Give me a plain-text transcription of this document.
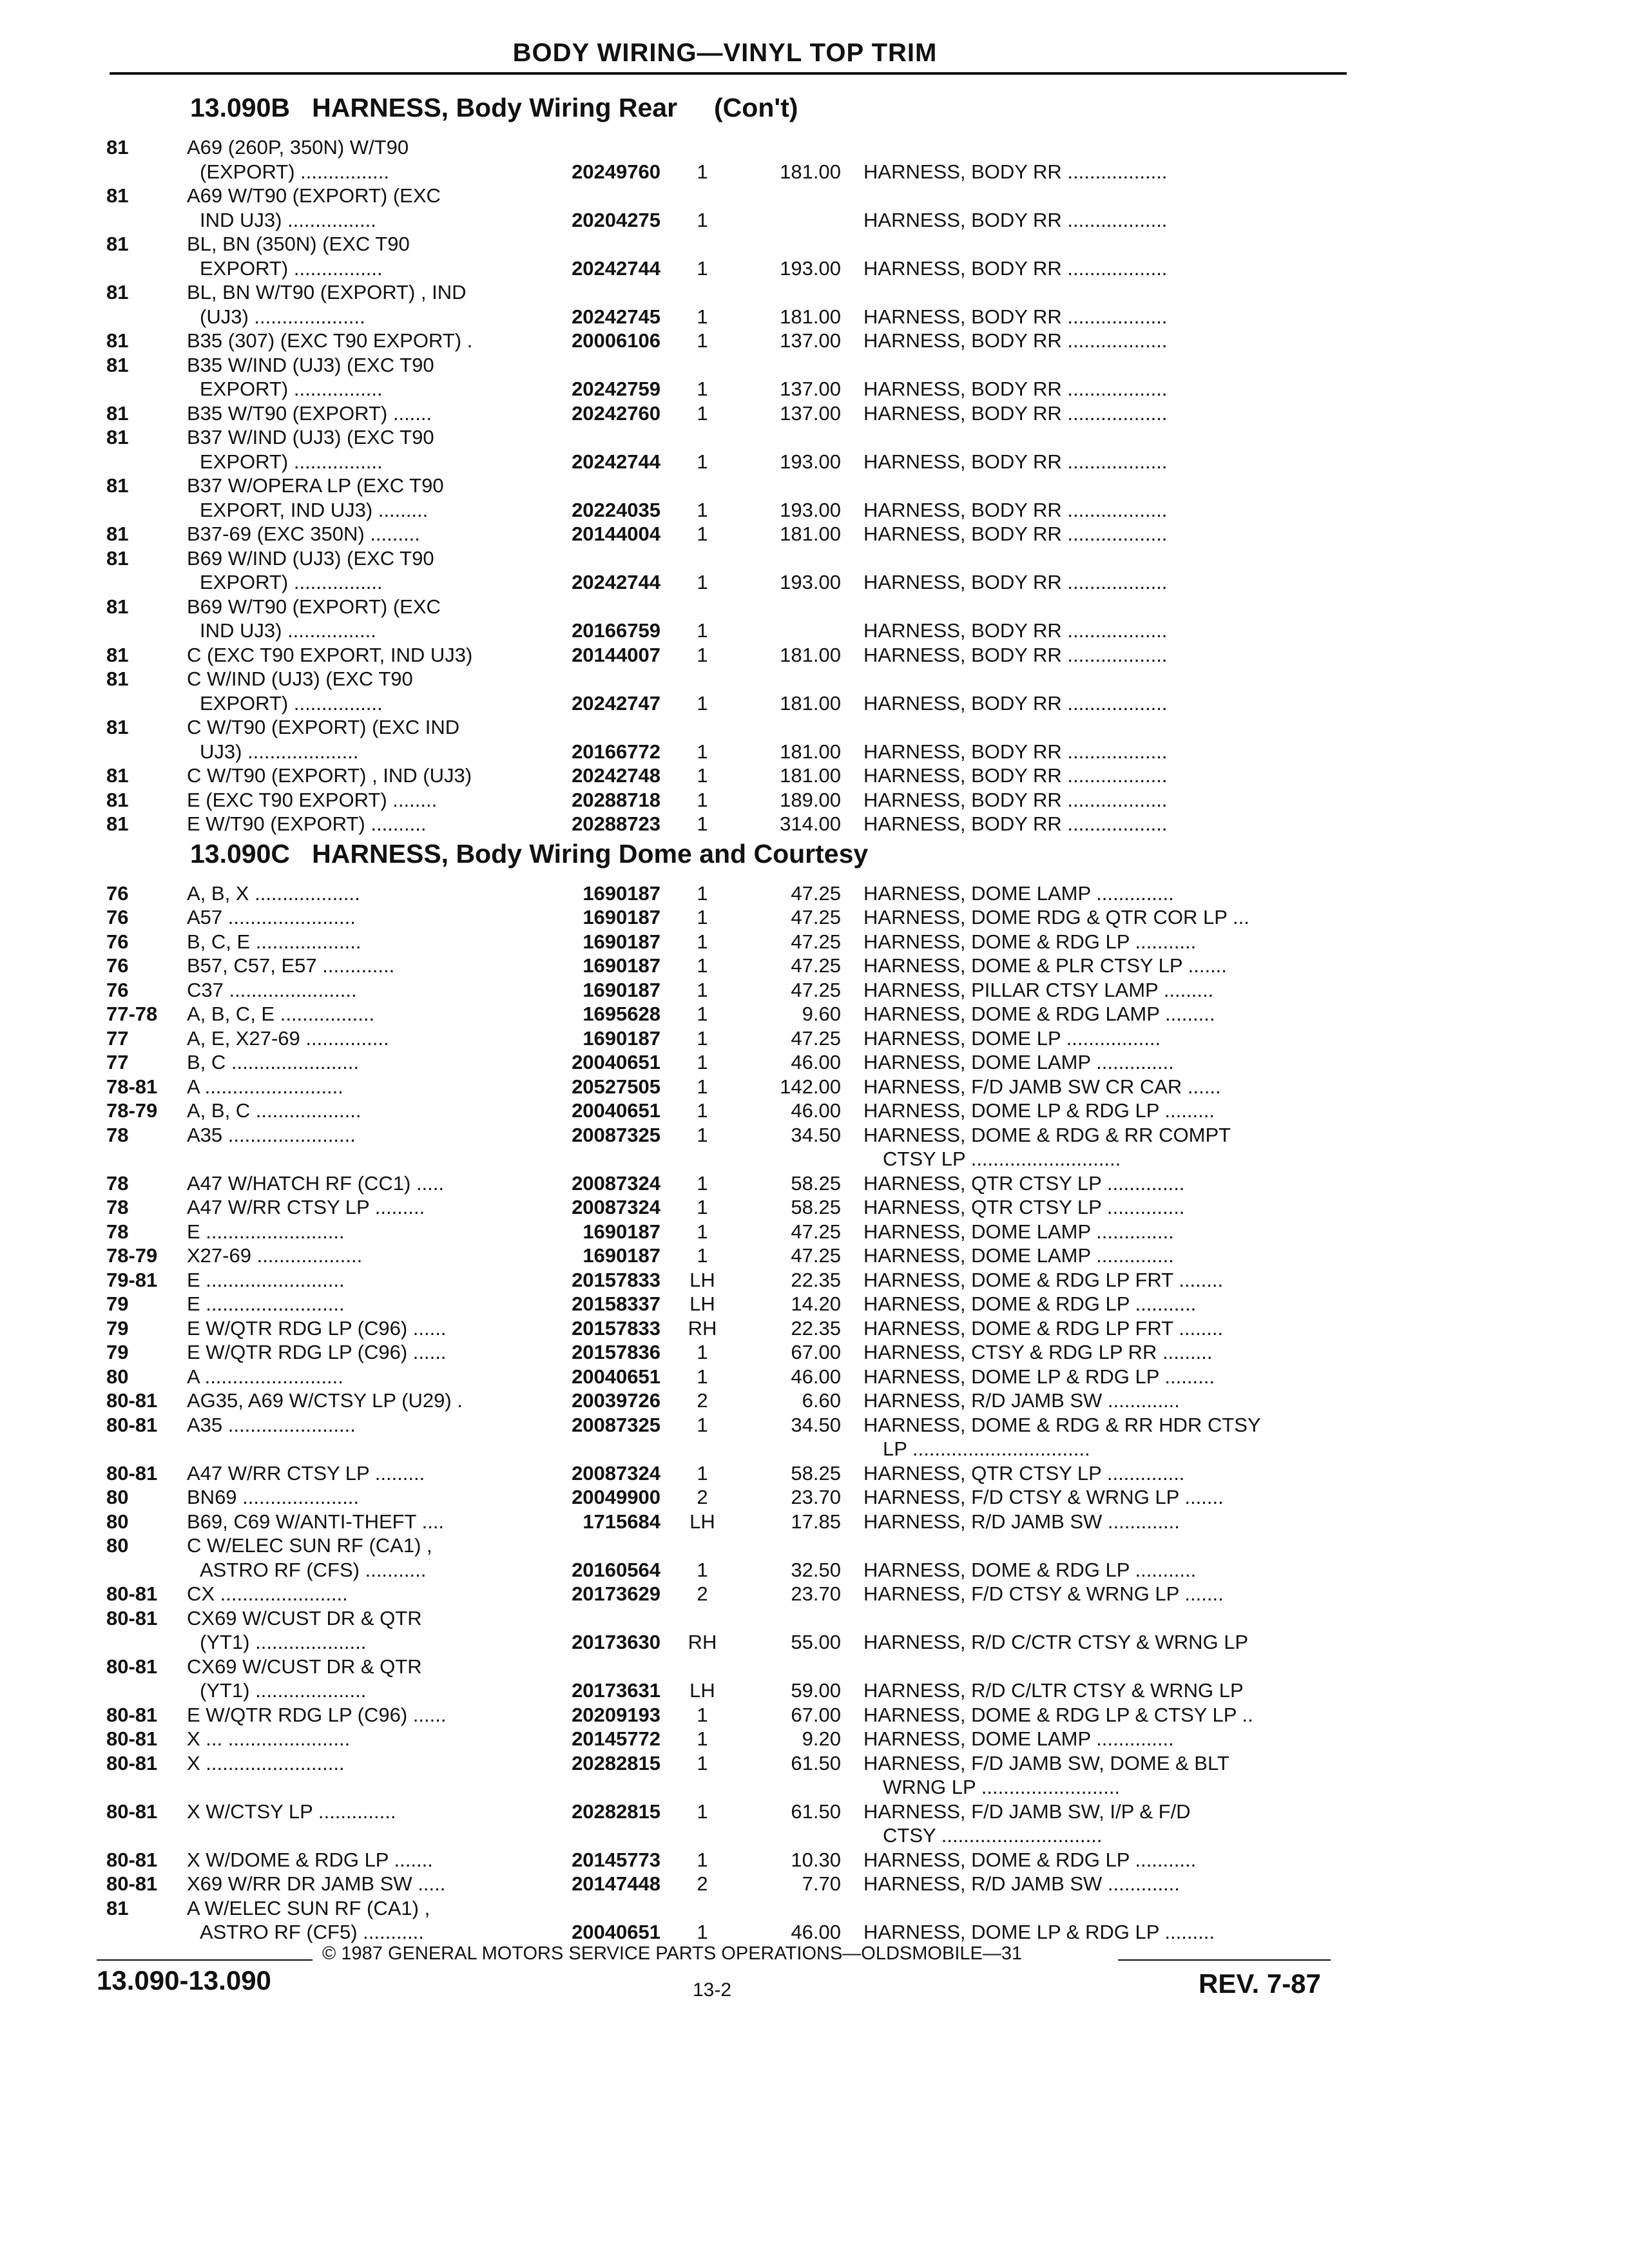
BODY WIRING—VINYL TOP TRIM
13.090B   HARNESS, Body Wiring Rear     (Con't)
81	A69 (260P, 350N) W/T90
(EXPORT) ................	20249760	1	181.00 HARNESS, BODY RR ..................
81	A69 W/T90 (EXPORT) (EXC
IND UJ3) ................	20204275	1	HARNESS, BODY RR ..................
81	BL, BN (350N) (EXC T90
EXPORT) ................	20242744	1	193.00 HARNESS, BODY RR ..................
81	BL, BN W/T90 (EXPORT) , IND
(UJ3) ....................	20242745	1	181.00 HARNESS, BODY RR ..................
81	B35 (307) (EXC T90 EXPORT) .	20006106	1	137.00 HARNESS, BODY RR ..................
81	B35 W/IND (UJ3) (EXC T90
EXPORT) ................	20242759	1	137.00 HARNESS, BODY RR ..................
81	B35 W/T90 (EXPORT) .......	20242760	1	137.00 HARNESS, BODY RR ..................
81	B37 W/IND (UJ3) (EXC T90
EXPORT) ................	20242744	1	193.00 HARNESS, BODY RR ..................
81	B37 W/OPERA LP (EXC T90
EXPORT, IND UJ3) .........	20224035	1	193.00 HARNESS, BODY RR ..................
81	B37-69 (EXC 350N) .........	20144004	1	181.00 HARNESS, BODY RR ..................
81	B69 W/IND (UJ3) (EXC T90
EXPORT) ................	20242744	1	193.00 HARNESS, BODY RR ..................
81	B69 W/T90 (EXPORT) (EXC
IND UJ3) ................	20166759	1	HARNESS, BODY RR ..................
81	C (EXC T90 EXPORT, IND UJ3)	20144007	1	181.00 HARNESS, BODY RR ..................
81	C W/IND (UJ3) (EXC T90
EXPORT) ................	20242747	1	181.00 HARNESS, BODY RR ..................
81	C W/T90 (EXPORT) (EXC IND
UJ3) ....................	20166772	1	181.00 HARNESS, BODY RR ..................
81	C W/T90 (EXPORT) , IND (UJ3)	20242748	1	181.00 HARNESS, BODY RR ..................
81	E (EXC T90 EXPORT) ........	20288718	1	189.00 HARNESS, BODY RR ..................
81	E W/T90 (EXPORT) ..........	20288723	1	314.00 HARNESS, BODY RR ..................
13.090C   HARNESS, Body Wiring Dome and Courtesy
76	A, B, X ...................	1690187	1	47.25 HARNESS, DOME LAMP ..............
76	A57 .......................	1690187	1	47.25 HARNESS, DOME RDG & QTR COR LP ...
76	B, C, E ...................	1690187	1	47.25 HARNESS, DOME & RDG LP ...........
76	B57, C57, E57 .............	1690187	1	47.25 HARNESS, DOME & PLR CTSY LP .......
76	C37 .......................	1690187	1	47.25 HARNESS, PILLAR CTSY LAMP .........
77-78	A, B, C, E .................	1695628	1	9.60 HARNESS, DOME & RDG LAMP .........
77	A, E, X27-69 ...............	1690187	1	47.25 HARNESS, DOME LP .................
77	B, C .......................	20040651	1	46.00 HARNESS, DOME LAMP ..............
78-81	A .........................	20527505	1	142.00 HARNESS, F/D JAMB SW CR CAR ......
78-79	A, B, C ...................	20040651	1	46.00 HARNESS, DOME LP & RDG LP .........
78	A35 .......................	20087325	1	34.50 HARNESS, DOME & RDG & RR COMPT
CTSY LP ...........................
78	A47 W/HATCH RF (CC1) .....	20087324	1	58.25 HARNESS, QTR CTSY LP ..............
78	A47 W/RR CTSY LP .........	20087324	1	58.25 HARNESS, QTR CTSY LP ..............
78	E .........................	1690187	1	47.25 HARNESS, DOME LAMP ..............
78-79	X27-69 ...................	1690187	1	47.25 HARNESS, DOME LAMP ..............
79-81	E .........................	20157833	LH	22.35 HARNESS, DOME & RDG LP FRT ........
79	E .........................	20158337	LH	14.20 HARNESS, DOME & RDG LP ...........
79	E W/QTR RDG LP (C96) ......	20157833	RH	22.35 HARNESS, DOME & RDG LP FRT ........
79	E W/QTR RDG LP (C96) ......	20157836	1	67.00 HARNESS, CTSY & RDG LP RR .........
80	A .........................	20040651	1	46.00 HARNESS, DOME LP & RDG LP .........
80-81	AG35, A69 W/CTSY LP (U29) .	20039726	2	6.60 HARNESS, R/D JAMB SW .............
80-81	A35 .......................	20087325	1	34.50 HARNESS, DOME & RDG & RR HDR CTSY
LP ................................
80-81	A47 W/RR CTSY LP .........	20087324	1	58.25 HARNESS, QTR CTSY LP ..............
80	BN69 .....................	20049900	2	23.70 HARNESS, F/D CTSY & WRNG LP .......
80	B69, C69 W/ANTI-THEFT ....	1715684	LH	17.85 HARNESS, R/D JAMB SW .............
80	C W/ELEC SUN RF (CA1) ,
ASTRO RF (CFS) ...........	20160564	1	32.50 HARNESS, DOME & RDG LP ...........
80-81	CX .......................	20173629	2	23.70 HARNESS, F/D CTSY & WRNG LP .......
80-81	CX69 W/CUST DR & QTR
(YT1) ....................	20173630	RH	55.00 HARNESS, R/D C/CTR CTSY & WRNG LP
80-81	CX69 W/CUST DR & QTR
(YT1) ....................	20173631	LH	59.00 HARNESS, R/D C/LTR CTSY & WRNG LP
80-81	E W/QTR RDG LP (C96) ......	20209193	1	67.00 HARNESS, DOME & RDG LP & CTSY LP ..
80-81	X ... ......................	20145772	1	9.20 HARNESS, DOME LAMP ..............
80-81	X .........................	20282815	1	61.50 HARNESS, F/D JAMB SW, DOME & BLT
WRNG LP .........................
80-81	X W/CTSY LP ..............	20282815	1	61.50 HARNESS, F/D JAMB SW, I/P & F/D
CTSY .............................
80-81	X W/DOME & RDG LP .......	20145773	1	10.30 HARNESS, DOME & RDG LP ...........
80-81	X69 W/RR DR JAMB SW .....	20147448	2	7.70 HARNESS, R/D JAMB SW .............
81	A W/ELEC SUN RF (CA1) ,
ASTRO RF (CF5) ...........	20040651	1	46.00 HARNESS, DOME LP & RDG LP .........
© 1987 GENERAL MOTORS SERVICE PARTS OPERATIONS—OLDSMOBILE—31
13.090-13.090	13-2	REV. 7-87
